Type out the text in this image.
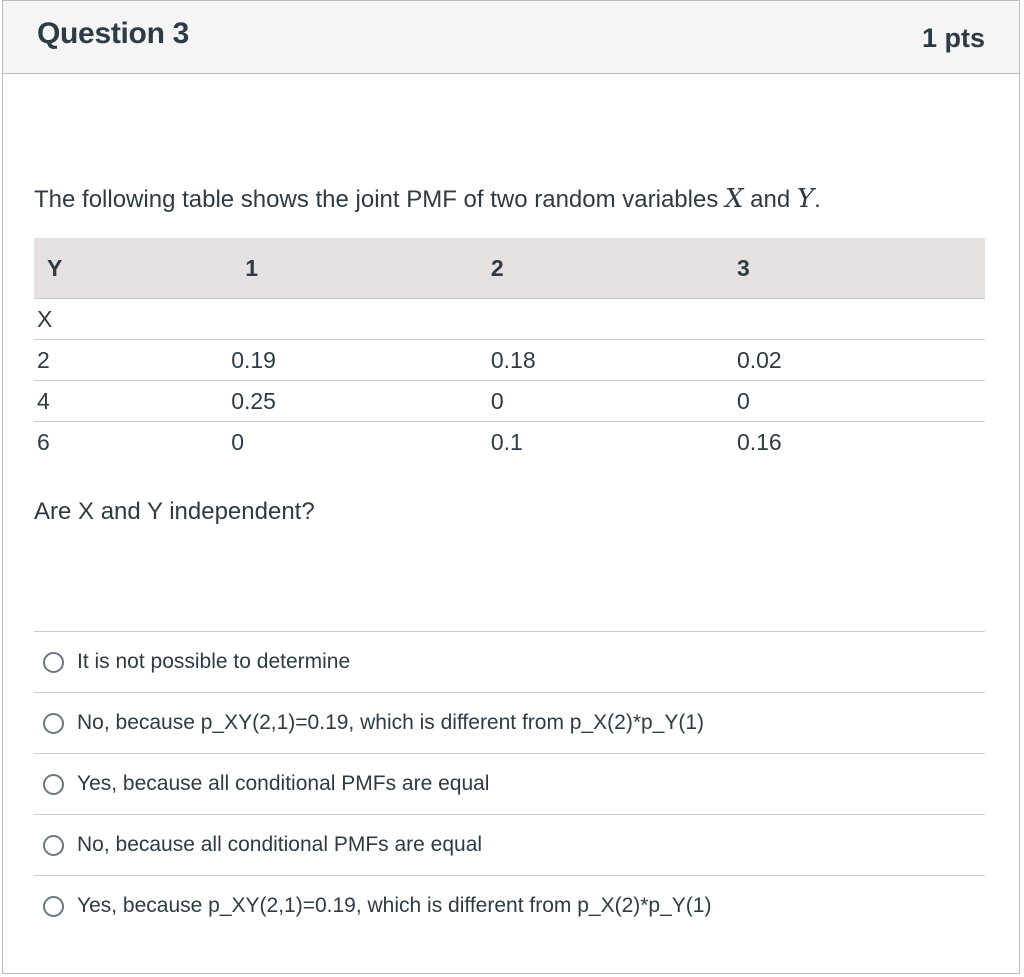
Question 3	1 pts
The following table shows the joint PMF of two random variables X and Y.
Y	1	2	3
X			
2	0.19	0.18	0.02
4	0.25	0	0
6	0	0.1	0.16
Are X and Y independent?
It is not possible to determine
No, because p_XY(2,1)=0.19, which is different from p_X(2)*p_Y(1)
Yes, because all conditional PMFs are equal
No, because all conditional PMFs are equal
Yes, because p_XY(2,1)=0.19, which is different from p_X(2)*p_Y(1)
